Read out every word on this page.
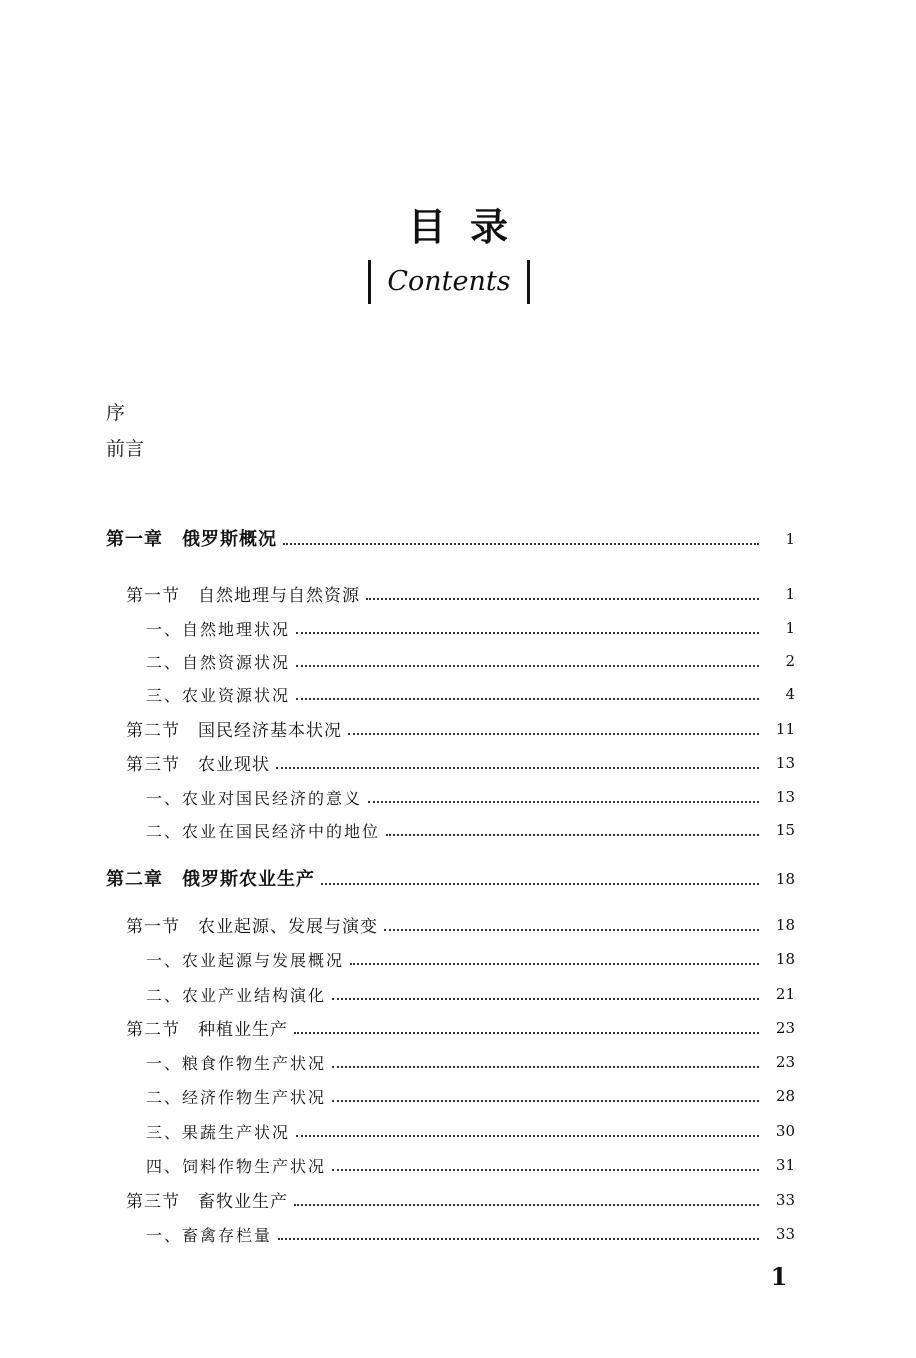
目录
Contents
序
前言
第一章　俄罗斯概况	1
第一节　自然地理与自然资源	1
一、自然地理状况	1
二、自然资源状况	2
三、农业资源状况	4
第二节　国民经济基本状况	11
第三节　农业现状	13
一、农业对国民经济的意义	13
二、农业在国民经济中的地位	15
第二章　俄罗斯农业生产	18
第一节　农业起源、发展与演变	18
一、农业起源与发展概况	18
二、农业产业结构演化	21
第二节　种植业生产	23
一、粮食作物生产状况	23
二、经济作物生产状况	28
三、果蔬生产状况	30
四、饲料作物生产状况	31
第三节　畜牧业生产	33
一、畜禽存栏量	33
1
